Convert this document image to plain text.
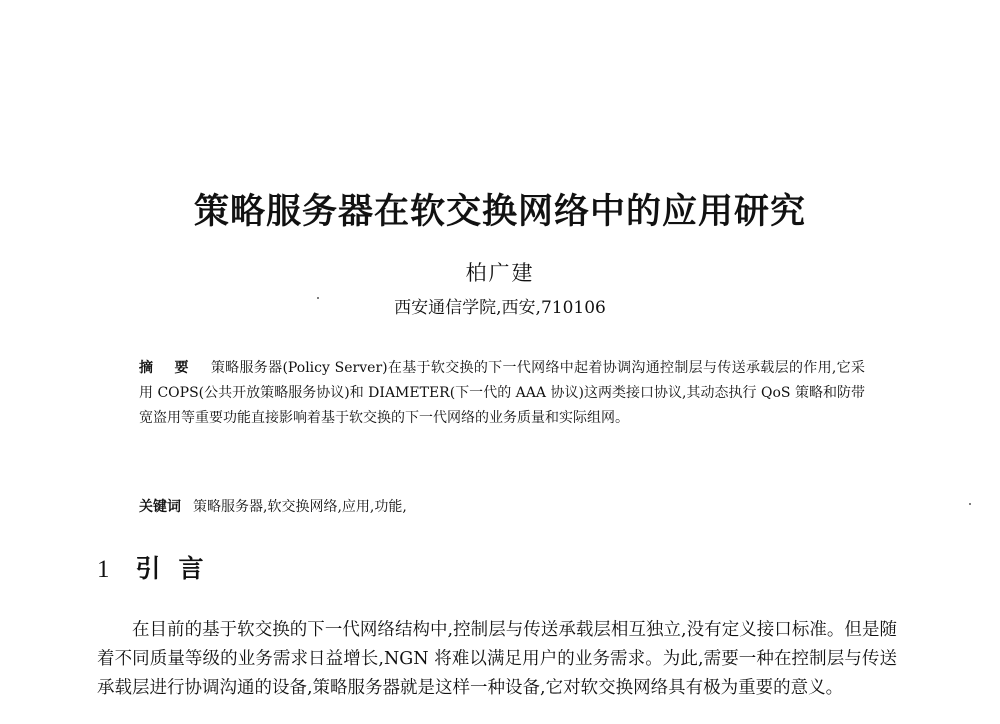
策略服务器在软交换网络中的应用研究
柏广建
西安通信学院,西安,710106

摘 要 策略服务器(Policy Server)在基于软交换的下一代网络中起着协调沟通控制层与传送承载层的作用,它采用 COPS(公共开放策略服务协议)和 DIAMETER(下一代的 AAA 协议)这两类接口协议,其动态执行 QoS 策略和防带宽盗用等重要功能直接影响着基于软交换的下一代网络的业务质量和实际组网。

关键词 策略服务器,软交换网络,应用,功能,

1 引言

在目前的基于软交换的下一代网络结构中,控制层与传送承载层相互独立,没有定义接口标准。但是随着不同质量等级的业务需求日益增长,NGN 将难以满足用户的业务需求。为此,需要一种在控制层与传送承载层进行协调沟通的设备,策略服务器就是这样一种设备,它对软交换网络具有极为重要的意义。
